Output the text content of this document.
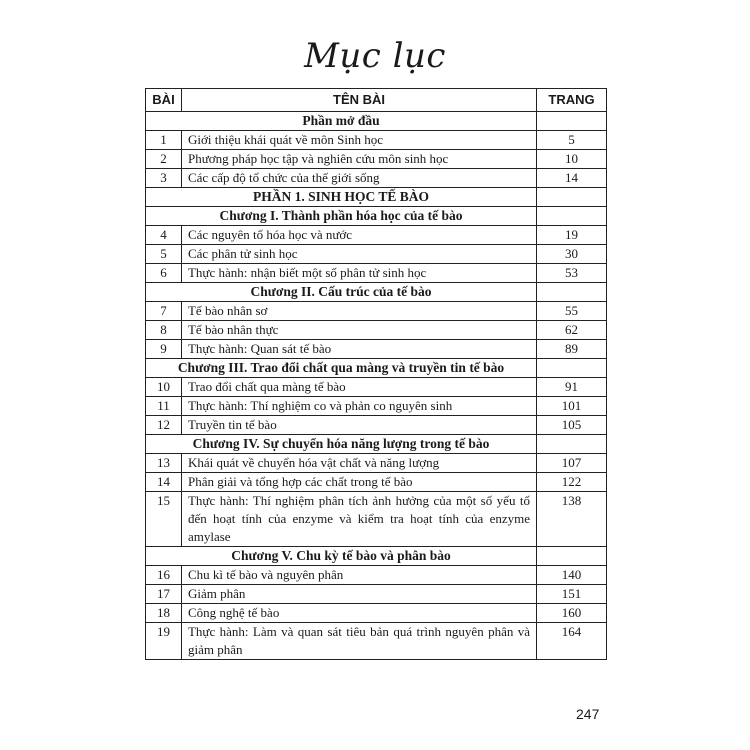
Mục lục
BÀI	TÊN BÀI	TRANG
Phần mở đầu		
1	Giới thiệu khái quát về môn Sinh học	5
2	Phương pháp học tập và nghiên cứu môn sinh học	10
3	Các cấp độ tổ chức của thế giới sống	14
PHẦN 1. SINH HỌC TẾ BÀO		
Chương I. Thành phần hóa học của tế bào		
4	Các nguyên tố hóa học và nước	19
5	Các phân tử sinh học	30
6	Thực hành: nhận biết một số phân tử sinh học	53
Chương II. Cấu trúc của tế bào		
7	Tế bào nhân sơ	55
8	Tế bào nhân thực	62
9	Thực hành: Quan sát tế bào	89
Chương III. Trao đổi chất qua màng và truyền tin tế bào		
10	Trao đổi chất qua màng tế bào	91
11	Thực hành: Thí nghiệm co và phản co nguyên sinh	101
12	Truyền tin tế bào	105
Chương IV. Sự chuyển hóa năng lượng trong tế bào		
13	Khái quát về chuyển hóa vật chất và năng lượng	107
14	Phân giải và tổng hợp các chất trong tế bào	122
15	Thực hành: Thí nghiệm phân tích ảnh hưởng của một số yếu tố đến hoạt tính của enzyme và kiểm tra hoạt tính của enzyme amylase	138
Chương V. Chu kỳ tế bào và phân bào		
16	Chu kì tế bào và nguyên phân	140
17	Giảm phân	151
18	Công nghệ tế bào	160
19	Thực hành: Làm và quan sát tiêu bản quá trình nguyên phân và giảm phân	164
247
